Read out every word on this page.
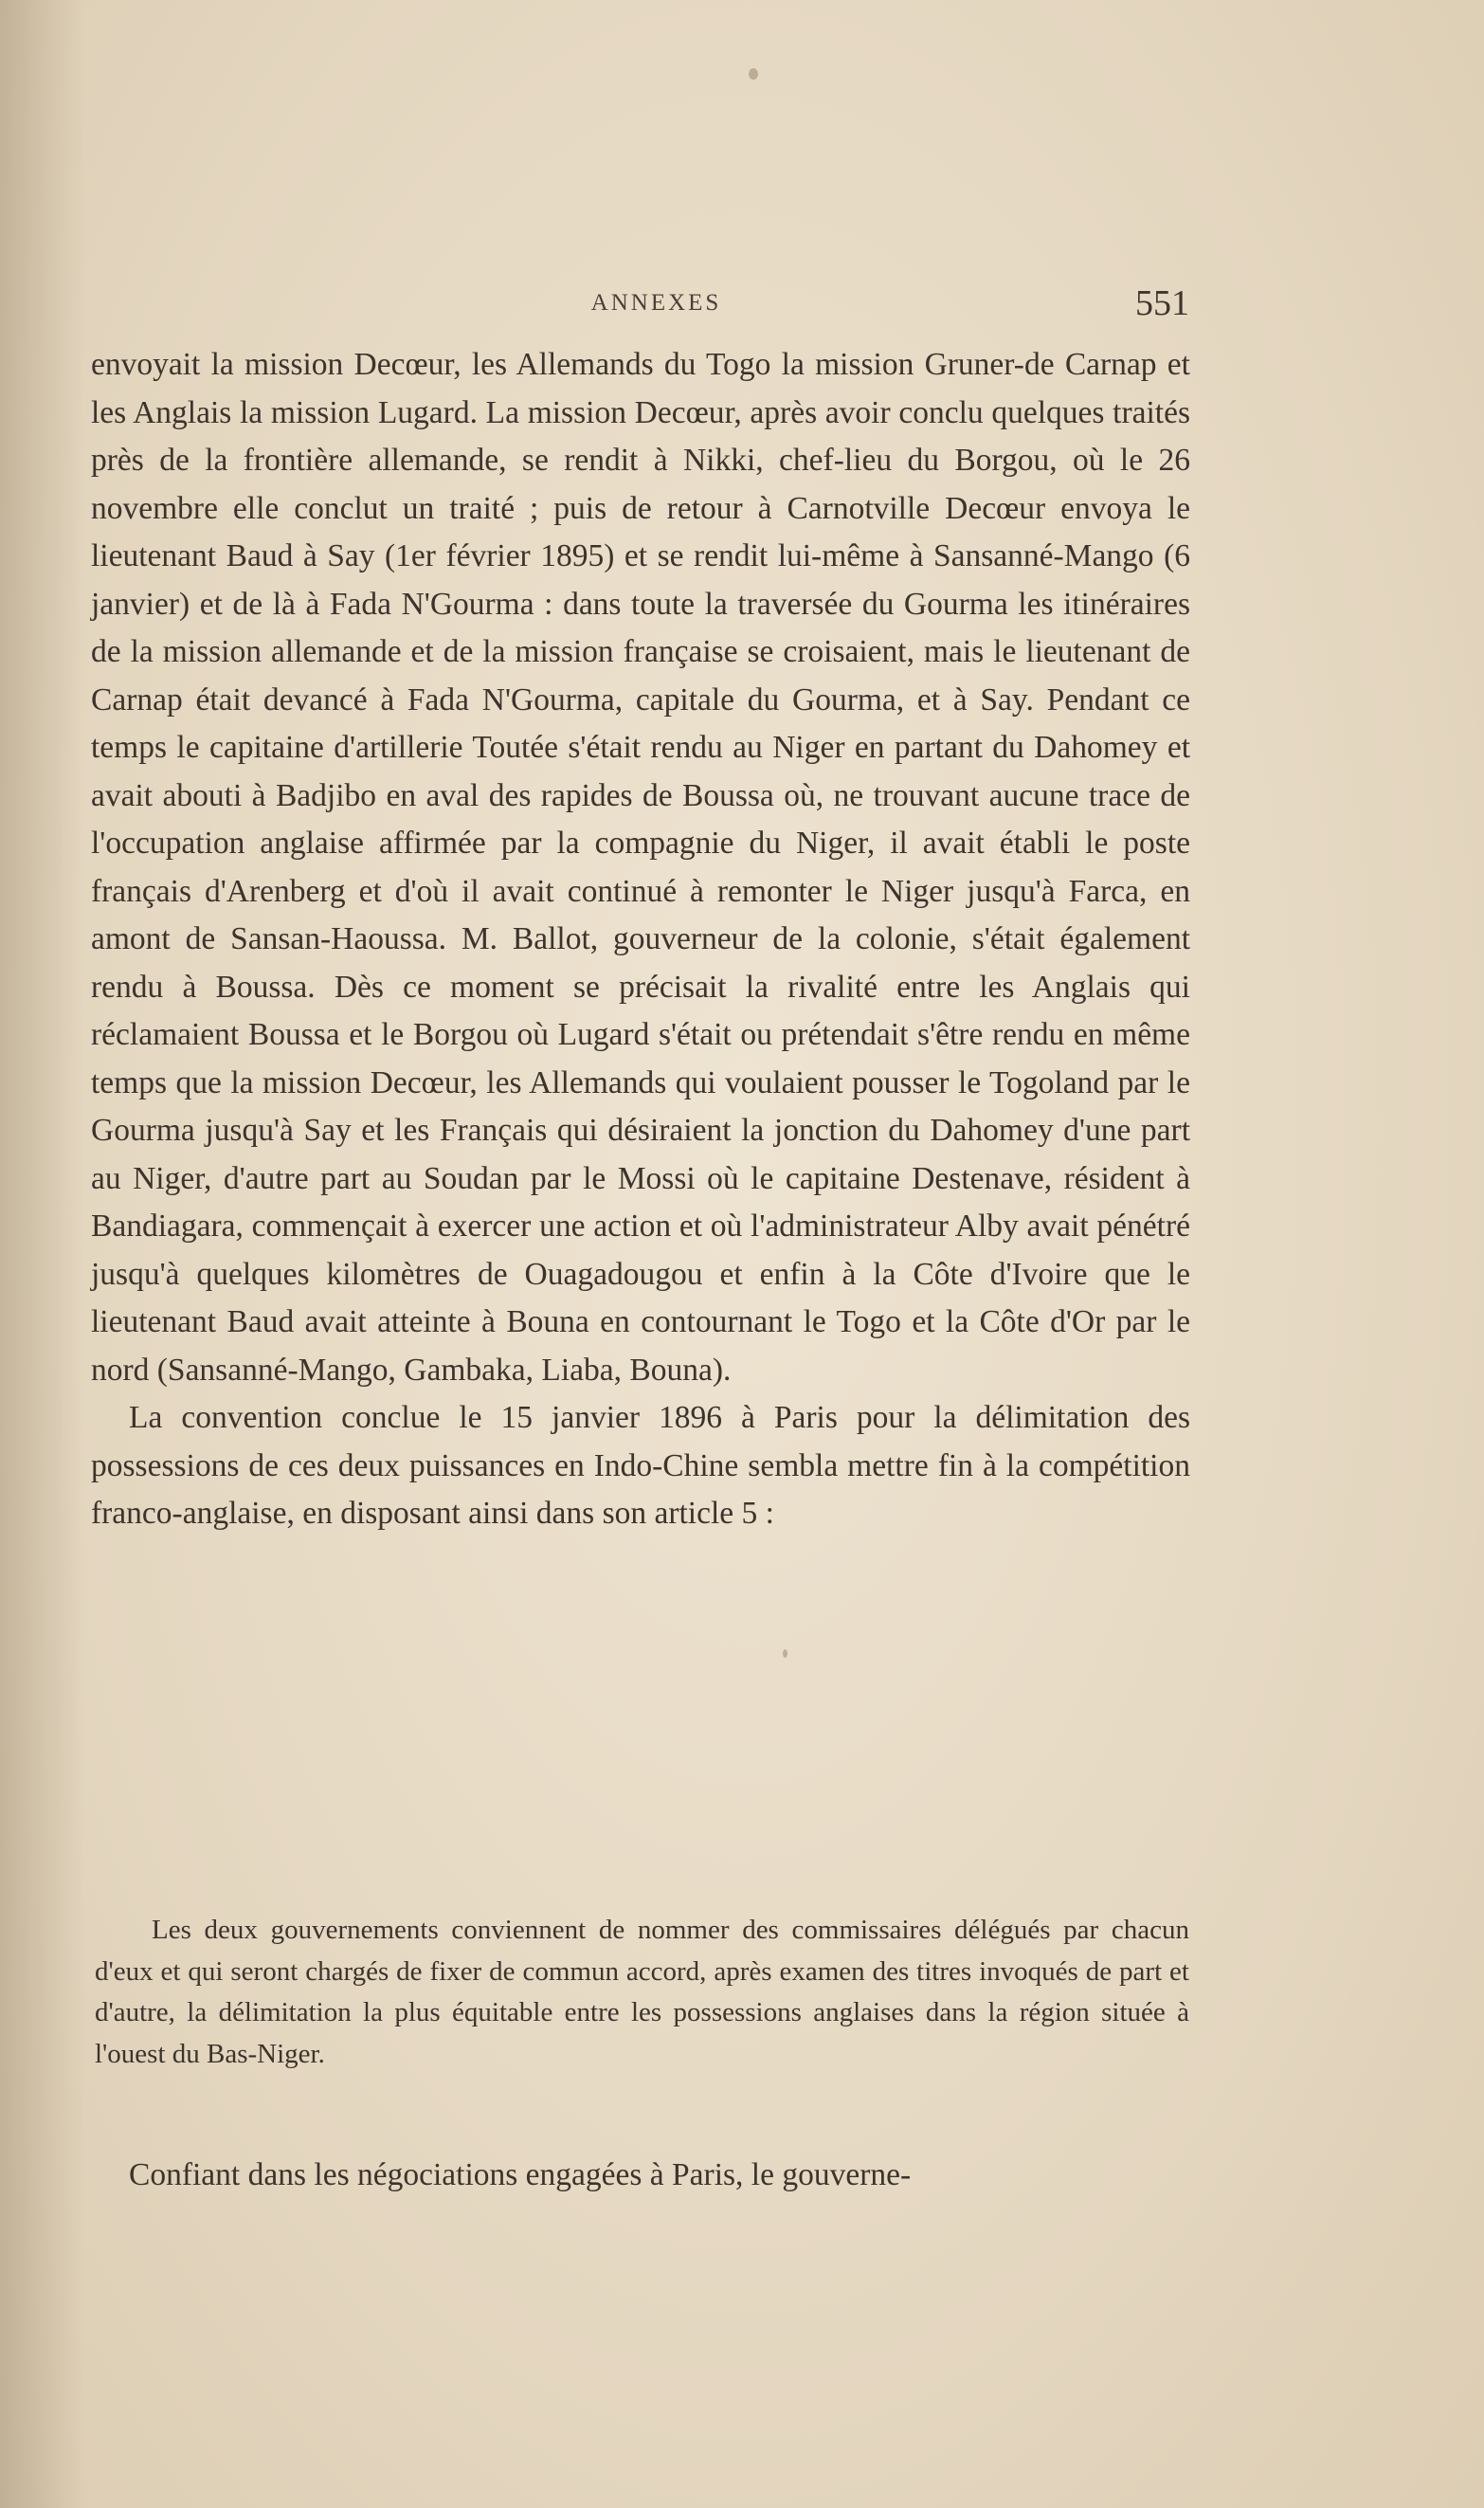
ANNEXES	551

envoyait la mission Decœur, les Allemands du Togo la mission Gruner-de Carnap et les Anglais la mission Lugard. La mission Decœur, après avoir conclu quelques traités près de la frontière allemande, se rendit à Nikki, chef-lieu du Borgou, où le 26 novembre elle conclut un traité ; puis de retour à Carnotville Decœur envoya le lieutenant Baud à Say (1er février 1895) et se rendit lui-même à Sansanné-Mango (6 janvier) et de là à Fada N'Gourma : dans toute la traversée du Gourma les itinéraires de la mission allemande et de la mission française se croisaient, mais le lieutenant de Carnap était devancé à Fada N'Gourma, capitale du Gourma, et à Say. Pendant ce temps le capitaine d'artillerie Toutée s'était rendu au Niger en partant du Dahomey et avait abouti à Badjibo en aval des rapides de Boussa où, ne trouvant aucune trace de l'occupation anglaise affirmée par la compagnie du Niger, il avait établi le poste français d'Arenberg et d'où il avait continué à remonter le Niger jusqu'à Farca, en amont de Sansan-Haoussa. M. Ballot, gouverneur de la colonie, s'était également rendu à Boussa. Dès ce moment se précisait la rivalité entre les Anglais qui réclamaient Boussa et le Borgou où Lugard s'était ou prétendait s'être rendu en même temps que la mission Decœur, les Allemands qui voulaient pousser le Togoland par le Gourma jusqu'à Say et les Français qui désiraient la jonction du Dahomey d'une part au Niger, d'autre part au Soudan par le Mossi où le capitaine Destenave, résident à Bandiagara, commençait à exercer une action et où l'administrateur Alby avait pénétré jusqu'à quelques kilomètres de Ouagadougou et enfin à la Côte d'Ivoire que le lieutenant Baud avait atteinte à Bouna en contournant le Togo et la Côte d'Or par le nord (Sansanné-Mango, Gambaka, Liaba, Bouna).

La convention conclue le 15 janvier 1896 à Paris pour la délimitation des possessions de ces deux puissances en Indo-Chine sembla mettre fin à la compétition franco-anglaise, en disposant ainsi dans son article 5 :

Les deux gouvernements conviennent de nommer des commissaires délégués par chacun d'eux et qui seront chargés de fixer de commun accord, après examen des titres invoqués de part et d'autre, la délimitation la plus équitable entre les possessions anglaises dans la région située à l'ouest du Bas-Niger.

Confiant dans les négociations engagées à Paris, le gouverne-
